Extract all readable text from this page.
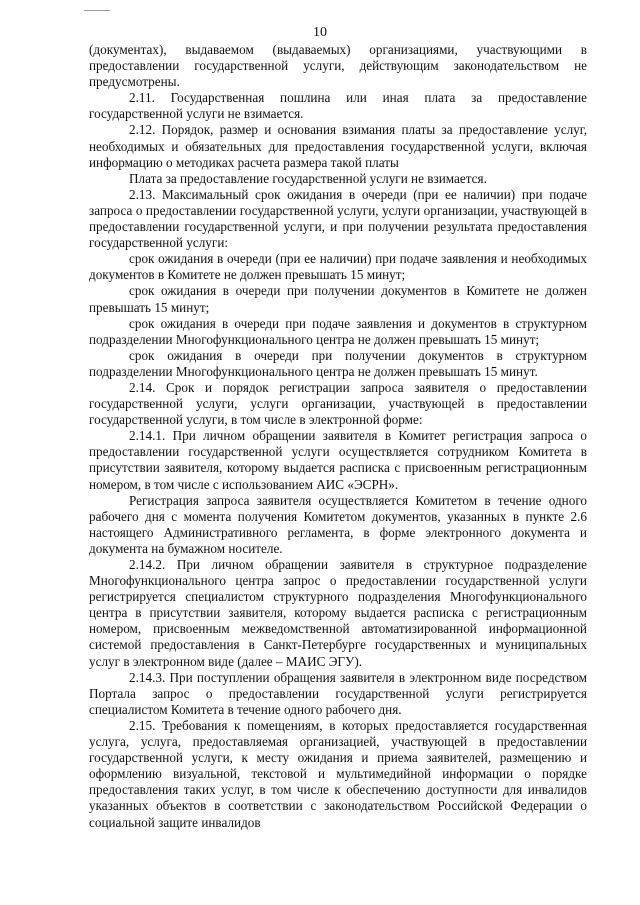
10

(документах), выдаваемом (выдаваемых) организациями, участвующими в предоставлении государственной услуги, действующим законодательством не предусмотрены.

2.11. Государственная пошлина или иная плата за предоставление государственной услуги не взимается.

2.12. Порядок, размер и основания взимания платы за предоставление услуг, необходимых и обязательных для предоставления государственной услуги, включая информацию о методиках расчета размера такой платы

Плата за предоставление государственной услуги не взимается.

2.13. Максимальный срок ожидания в очереди (при ее наличии) при подаче запроса о предоставлении государственной услуги, услуги организации, участвующей в предоставлении государственной услуги, и при получении результата предоставления государственной услуги:

срок ожидания в очереди (при ее наличии) при подаче заявления и необходимых документов в Комитете не должен превышать 15 минут;

срок ожидания в очереди при получении документов в Комитете не должен превышать 15 минут;

срок ожидания в очереди при подаче заявления и документов в структурном подразделении Многофункционального центра не должен превышать 15 минут;

срок ожидания в очереди при получении документов в структурном подразделении Многофункционального центра не должен превышать 15 минут.

2.14. Срок и порядок регистрации запроса заявителя о предоставлении государственной услуги, услуги организации, участвующей в предоставлении государственной услуги, в том числе в электронной форме:

2.14.1. При личном обращении заявителя в Комитет регистрация запроса о предоставлении государственной услуги осуществляется сотрудником Комитета в присутствии заявителя, которому выдается расписка с присвоенным регистрационным номером, в том числе с использованием АИС «ЭСРН».

Регистрация запроса заявителя осуществляется Комитетом в течение одного рабочего дня с момента получения Комитетом документов, указанных в пункте 2.6 настоящего Административного регламента, в форме электронного документа и документа на бумажном носителе.

2.14.2. При личном обращении заявителя в структурное подразделение Многофункционального центра запрос о предоставлении государственной услуги регистрируется специалистом структурного подразделения Многофункционального центра в присутствии заявителя, которому выдается расписка с регистрационным номером, присвоенным межведомственной автоматизированной информационной системой предоставления в Санкт-Петербурге государственных и муниципальных услуг в электронном виде (далее – МАИС ЭГУ).

2.14.3. При поступлении обращения заявителя в электронном виде посредством Портала запрос о предоставлении государственной услуги регистрируется специалистом Комитета в течение одного рабочего дня.

2.15. Требования к помещениям, в которых предоставляется государственная услуга, услуга, предоставляемая организацией, участвующей в предоставлении государственной услуги, к месту ожидания и приема заявителей, размещению и оформлению визуальной, текстовой и мультимедийной информации о порядке предоставления таких услуг, в том числе к обеспечению доступности для инвалидов указанных объектов в соответствии с законодательством Российской Федерации о социальной защите инвалидов
